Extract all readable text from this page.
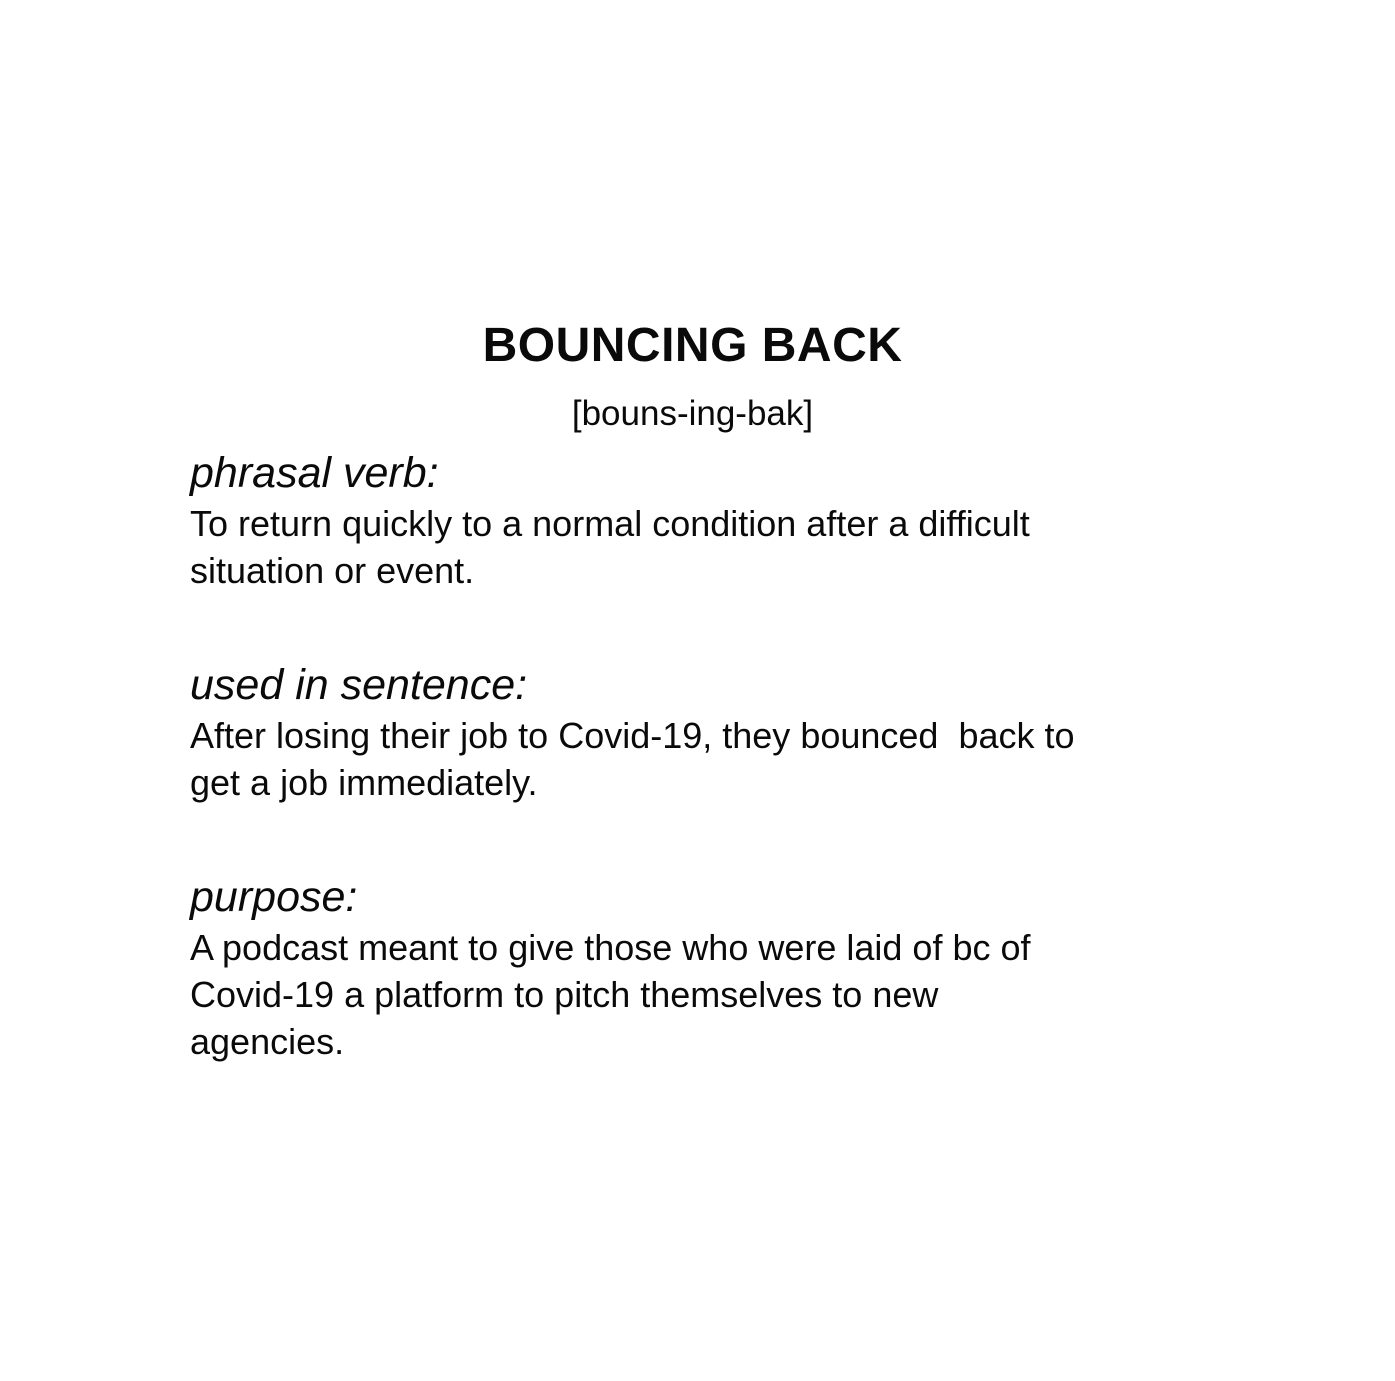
BOUNCING BACK
[bouns-ing-bak]
phrasal verb:
To return quickly to a normal condition after a difficult
situation or event.
used in sentence:
After losing their job to Covid-19, they bounced  back to
get a job immediately.
purpose:
A podcast meant to give those who were laid of bc of
Covid-19 a platform to pitch themselves to new
agencies.
